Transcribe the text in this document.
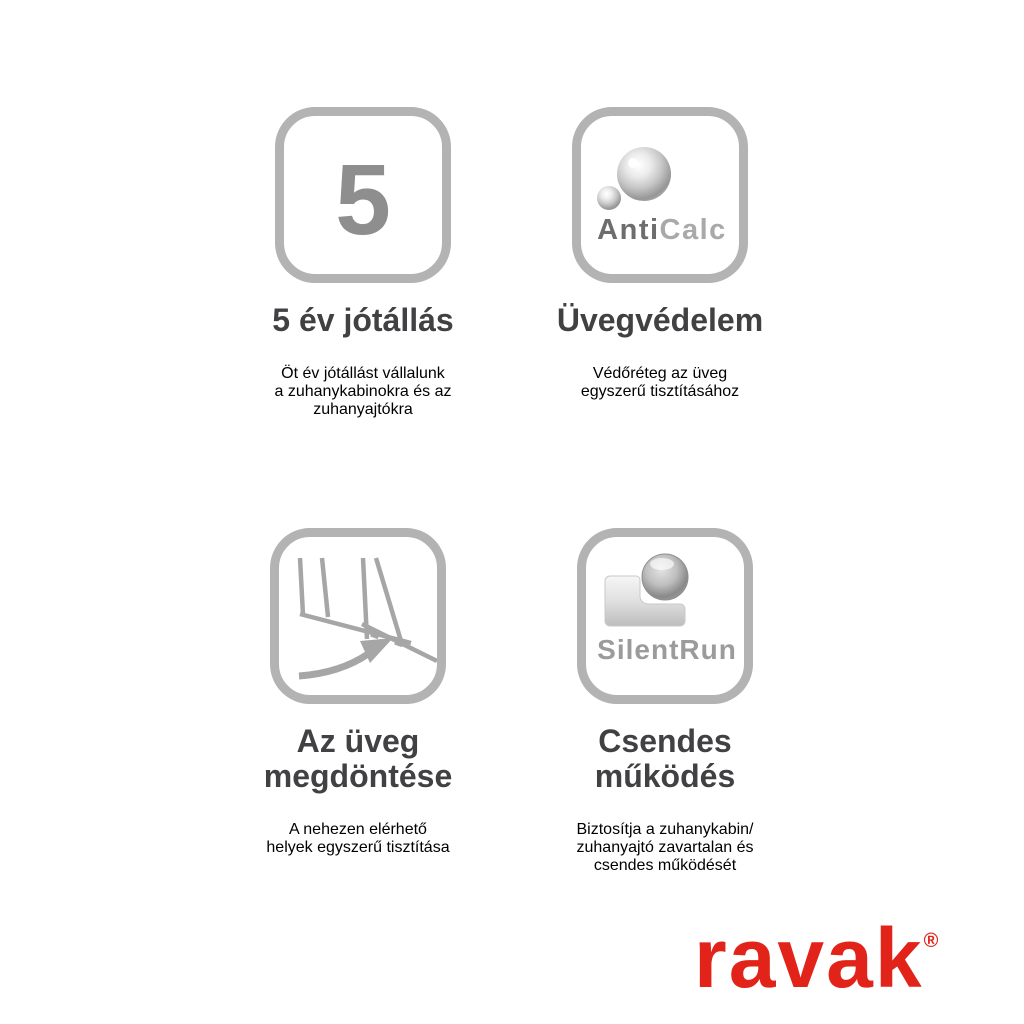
5
5 év jótállás

Öt év jótállást vállalunk
a zuhanykabinokra és az
zuhanyajtókra

AntiCalc
Üvegvédelem

Védőréteg az üveg
egyszerű tisztításához

Az üveg
megdöntése

A nehezen elérhető
helyek egyszerű tisztítása

SilentRun
Csendes
működés

Biztosítja a zuhanykabin/
zuhanyajtó zavartalan és
csendes működését

ravak®
